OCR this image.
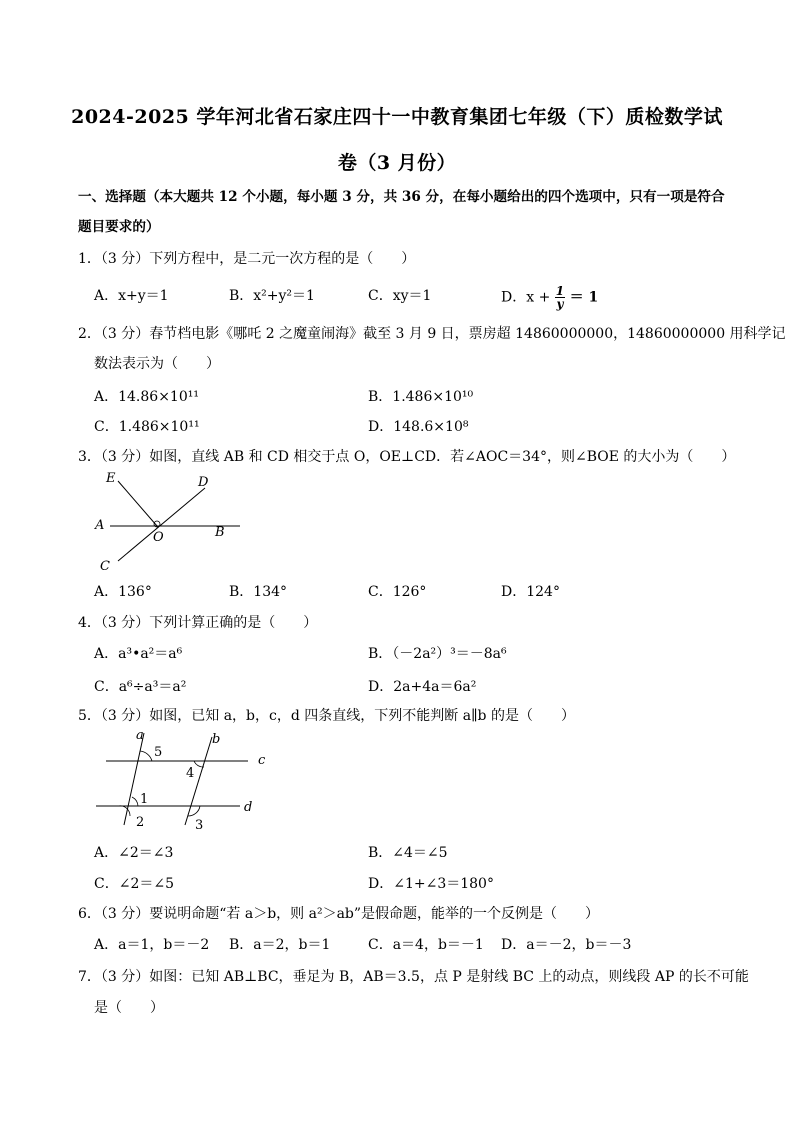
2024-2025 学年河北省石家庄四十一中教育集团七年级（下）质检数学试
卷（3 月份）
一、选择题（本大题共 12 个小题，每小题 3 分，共 36 分，在每小题给出的四个选项中，只有一项是符合
题目要求的）
1．（3 分）下列方程中，是二元一次方程的是（　　）
A．x+y＝1	B．x²+y²＝1	C．xy＝1	D．$x + \frac{1}{y} = 1$
2．（3 分）春节档电影《哪吒 2 之魔童闹海》截至 3 月 9 日，票房超 14860000000，14860000000 用科学记
数法表示为（　　）
A．14.86×10¹¹	B．1.486×10¹⁰
C．1.486×10¹¹	D．148.6×10⁸
3．（3 分）如图，直线 AB 和 CD 相交于点 O，OE⊥CD．若∠AOC＝34°，则∠BOE 的大小为（　　）
E	D
A
O	B
C
A．136°	B．134°	C．126°	D．124°
4．（3 分）下列计算正确的是（　　）
A．a³•a²＝a⁶	B．（－2a²）³＝－8a⁶
C．a⁶÷a³＝a²	D．2a+4a＝6a²
5．（3 分）如图，已知 a，b，c，d 四条直线，下列不能判断 a∥b 的是（　　）
a
5
b
c
4
1
2	3
d
A．∠2＝∠3	B．∠4＝∠5
C．∠2＝∠5	D．∠1+∠3＝180°
6．（3 分）要说明命题“若 a＞b，则 a²＞ab”是假命题，能举的一个反例是（　　）
A．a＝1，b＝－2 B．a＝2，b＝1	C．a＝4，b＝－1 D．a＝－2，b＝－3
7．（3 分）如图：已知 AB⊥BC，垂足为 B，AB＝3.5，点 P 是射线 BC 上的动点，则线段 AP 的长不可能
是（　　）
